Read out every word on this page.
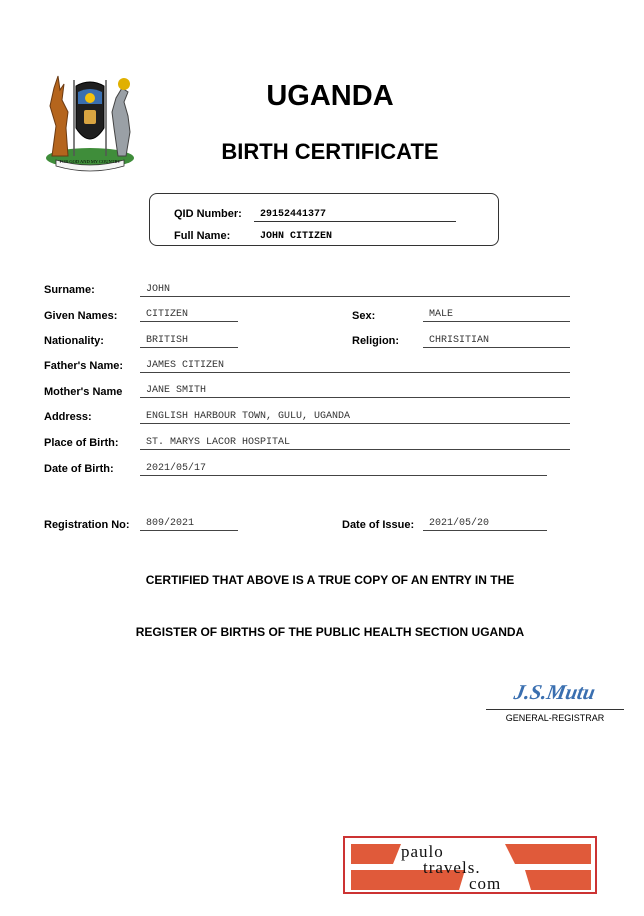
FOR GOD AND MY COUNTRY
UGANDA
BIRTH CERTIFICATE
QID Number:	29152441377
Full Name:	JOHN CITIZEN
Surname:	JOHN
Given Names:	CITIZEN	Sex:	MALE
Nationality:	BRITISH	Religion:	CHRISITIAN
Father's Name:	JAMES CITIZEN
Mother's Name	JANE SMITH
Address:	ENGLISH HARBOUR TOWN, GULU, UGANDA
Place of Birth:	ST. MARYS LACOR HOSPITAL
Date of Birth:	2021/05/17
Registration No:	809/2021	Date of Issue:	2021/05/20
CERTIFIED THAT ABOVE IS A TRUE COPY OF AN ENTRY IN THE
REGISTER OF BIRTHS OF THE PUBLIC HEALTH SECTION UGANDA
J.S.Mutu
GENERAL-REGISTRAR
paulo
travels.
com
